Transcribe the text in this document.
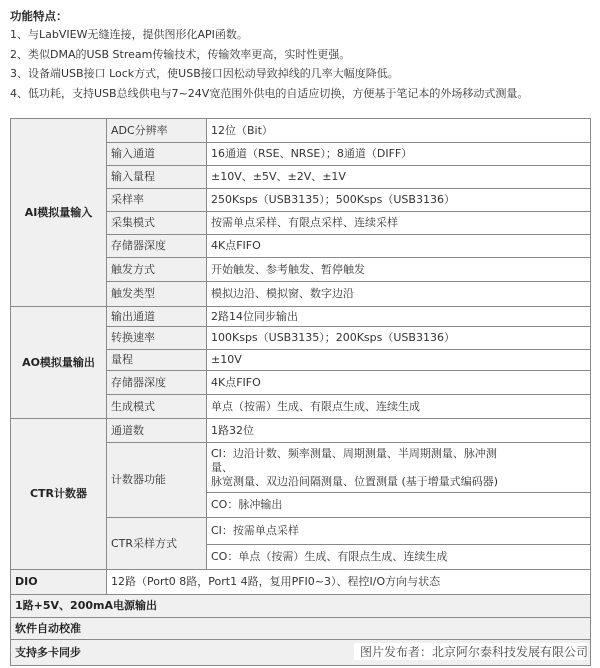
功能特点：
1、与LabVIEW无缝连接，提供图形化API函数。
2、类似DMA的USB Stream传输技术，传输效率更高，实时性更强。
3、设备端USB接口 Lock方式，使USB接口因松动导致掉线的几率大幅度降低。
4、低功耗，支持USB总线供电与7~24V宽范围外供电的自适应切换，方便基于笔记本的外场移动式测量。
AI模拟量输入	ADC分辨率	12位（Bit）
	输入通道	16通道（RSE、NRSE）；8通道（DIFF）
	输入量程	±10V、±5V、±2V、±1V
	采样率	250Ksps（USB3135）；500Ksps（USB3136）
	采集模式	按需单点采样、有限点采样、连续采样
	存储器深度	4K点FIFO
	触发方式	开始触发、参考触发、暂停触发
	触发类型	模拟边沿、模拟窗、数字边沿
AO模拟量输出	输出通道	2路14位同步输出
	转换速率	100Ksps（USB3135）；200Ksps（USB3136）
	量程	±10V
	存储器深度	4K点FIFO
	生成模式	单点（按需）生成、有限点生成、连续生成
CTR计数器	通道数	1路32位
	计数器功能	CI：边沿计数、频率测量、周期测量、半周期测量、脉冲测
量、
脉宽测量、双边沿间隔测量、位置测量 (基于增量式编码器)

		CO：脉冲输出
	CTR采样方式	CI：按需单点采样
		CO：单点（按需）生成、有限点生成、连续生成
DIO	12路（Port0 8路，Port1 4路，复用PFI0~3）、程控I/O方向与状态	
1路+5V、200mA电源输出		
软件自动校准		
支持多卡同步			图片发布者：北京阿尔泰科技发展有限公司
